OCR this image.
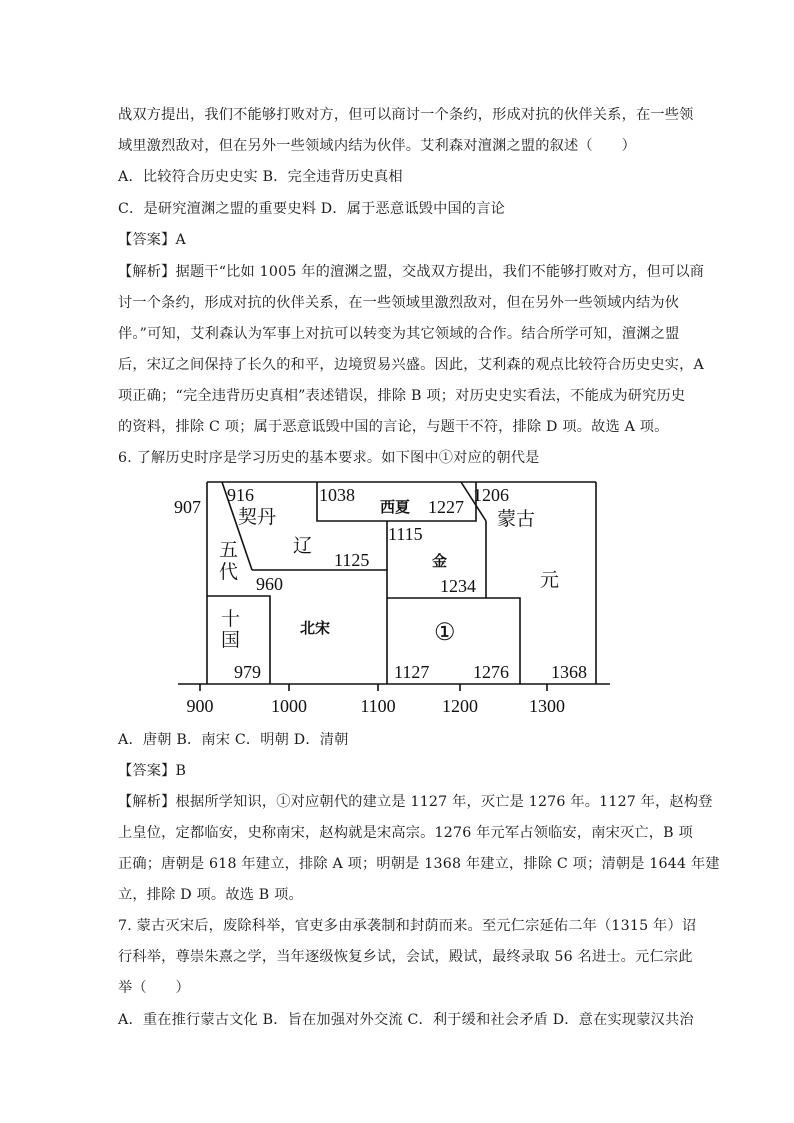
战双方提出，我们不能够打败对方，但可以商讨一个条约，形成对抗的伙伴关系，在一些领
域里激烈敌对，但在另外一些领域内结为伙伴。艾利森对澶渊之盟的叙述（　　）
A．比较符合历史史实 B．完全违背历史真相
C．是研究澶渊之盟的重要史料 D．属于恶意诋毁中国的言论
【答案】A
【解析】据题干“比如 1005 年的澶渊之盟，交战双方提出，我们不能够打败对方，但可以商
讨一个条约，形成对抗的伙伴关系，在一些领域里激烈敌对，但在另外一些领域内结为伙
伴。”可知，艾利森认为军事上对抗可以转变为其它领域的合作。结合所学可知，澶渊之盟
后，宋辽之间保持了长久的和平，边境贸易兴盛。因此，艾利森的观点比较符合历史史实，A
项正确；“完全违背历史真相”表述错误，排除 B 项；对历史史实看法，不能成为研究历史
的资料，排除 C 项；属于恶意诋毁中国的言论，与题干不符，排除 D 项。故选 A 项。
6. 了解历史时序是学习历史的基本要求。如下图中①对应的朝代是
907
916	1038
1227
1206
1115
1125
960	1234
979	1127 1276 1368
契丹	西夏
蒙古
五
代
辽
金
元
十
国
北宋	①
900	1000	1100	1200	1300
A．唐朝 B．南宋 C．明朝 D．清朝
【答案】B
【解析】根据所学知识，①对应朝代的建立是 1127 年，灭亡是 1276 年。1127 年，赵构登
上皇位，定都临安，史称南宋，赵构就是宋高宗。1276 年元军占领临安，南宋灭亡，B 项
正确；唐朝是 618 年建立，排除 A 项；明朝是 1368 年建立，排除 C 项；清朝是 1644 年建
立，排除 D 项。故选 B 项。
7. 蒙古灭宋后，废除科举，官吏多由承袭制和封荫而来。至元仁宗延佑二年（1315 年）诏
行科举，尊崇朱熹之学，当年逐级恢复乡试，会试，殿试，最终录取 56 名进士。元仁宗此
举（　　）
A．重在推行蒙古文化 B．旨在加强对外交流 C．利于缓和社会矛盾 D．意在实现蒙汉共治
